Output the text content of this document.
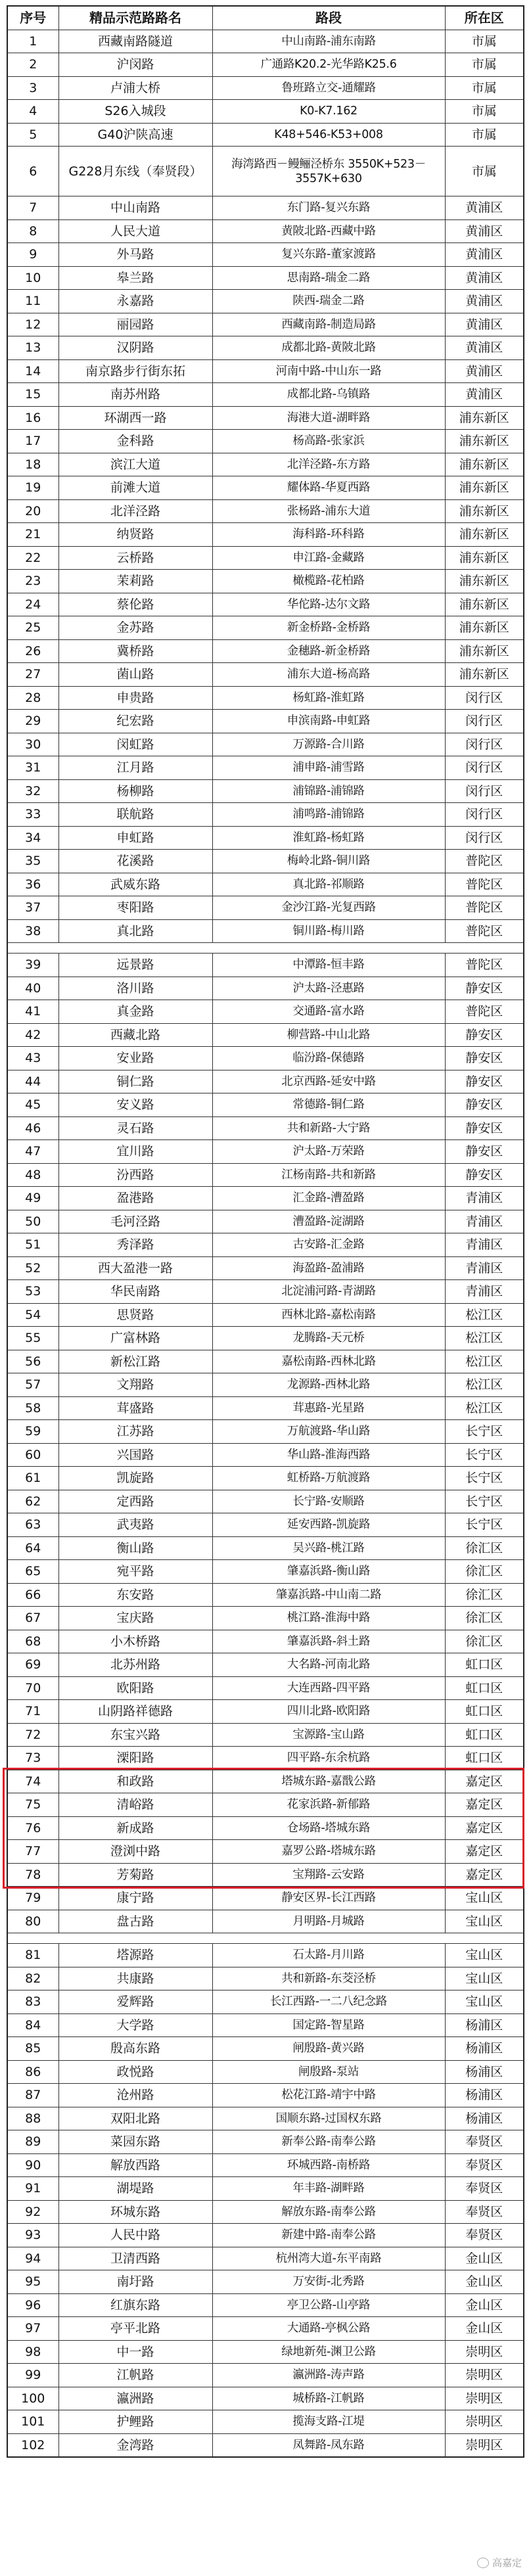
序号	精品示范路路名	路段	所在区
1	西藏南路隧道	中山南路-浦东南路	市属
2	沪闵路	广通路K20.2-光华路K25.6	市属
3	卢浦大桥	鲁班路立交-通耀路	市属
4	S26入城段	K0-K7.162	市属
5	G40沪陕高速	K48+546-K53+008	市属
6	G228月东线（奉贤段）	海湾路西－鳗鲡泾桥东 3550K+523－3557K+630	市属
7	中山南路	东门路-复兴东路	黄浦区
8	人民大道	黄陂北路-西藏中路	黄浦区
9	外马路	复兴东路-董家渡路	黄浦区
10	皋兰路	思南路-瑞金二路	黄浦区
11	永嘉路	陕西-瑞金二路	黄浦区
12	丽园路	西藏南路-制造局路	黄浦区
13	汉阴路	成都北路-黄陂北路	黄浦区
14	南京路步行街东拓	河南中路-中山东一路	黄浦区
15	南苏州路	成都北路-乌镇路	黄浦区
16	环湖西一路	海港大道-湖畔路	浦东新区
17	金科路	杨高路-张家浜	浦东新区
18	滨江大道	北洋泾路-东方路	浦东新区
19	前滩大道	耀体路-华夏西路	浦东新区
20	北洋泾路	张杨路-浦东大道	浦东新区
21	纳贤路	海科路-环科路	浦东新区
22	云桥路	申江路-金藏路	浦东新区
23	茉莉路	橄榄路-花柏路	浦东新区
24	蔡伦路	华佗路-达尔文路	浦东新区
25	金苏路	新金桥路-金桥路	浦东新区
26	冀桥路	金穗路-新金桥路	浦东新区
27	菌山路	浦东大道-杨高路	浦东新区
28	申贵路	杨虹路-淮虹路	闵行区
29	纪宏路	申滨南路-申虹路	闵行区
30	闵虹路	万源路-合川路	闵行区
31	江月路	浦申路-浦雪路	闵行区
32	杨柳路	浦锦路-浦锦路	闵行区
33	联航路	浦鸣路-浦锦路	闵行区
34	申虹路	淮虹路-杨虹路	闵行区
35	花溪路	梅岭北路-铜川路	普陀区
36	武威东路	真北路-祁顺路	普陀区
37	枣阳路	金沙江路-光复西路	普陀区
38	真北路	铜川路-梅川路	普陀区

39	远景路	中潭路-恒丰路	普陀区
40	洛川路	沪太路-泾惠路	静安区
41	真金路	交通路-富水路	普陀区
42	西藏北路	柳营路-中山北路	静安区
43	安业路	临汾路-保德路	静安区
44	铜仁路	北京西路-延安中路	静安区
45	安义路	常德路-铜仁路	静安区
46	灵石路	共和新路-大宁路	静安区
47	宜川路	沪太路-万荣路	静安区
48	汾西路	江杨南路-共和新路	静安区
49	盈港路	汇金路-漕盈路	青浦区
50	毛河泾路	漕盈路-淀湖路	青浦区
51	秀泽路	古安路-汇金路	青浦区
52	西大盈港一路	海盈路-盈浦路	青浦区
53	华民南路	北淀浦河路-青湖路	青浦区
54	思贤路	西林北路-嘉松南路	松江区
55	广富林路	龙腾路-天元桥	松江区
56	新松江路	嘉松南路-西林北路	松江区
57	文翔路	龙源路-西林北路	松江区
58	茸盛路	茸惠路-光星路	松江区
59	江苏路	万航渡路-华山路	长宁区
60	兴国路	华山路-淮海西路	长宁区
61	凯旋路	虹桥路-万航渡路	长宁区
62	定西路	长宁路-安顺路	长宁区
63	武夷路	延安西路-凯旋路	长宁区
64	衡山路	吴兴路-桃江路	徐汇区
65	宛平路	肇嘉浜路-衡山路	徐汇区
66	东安路	肇嘉浜路-中山南二路	徐汇区
67	宝庆路	桃江路-淮海中路	徐汇区
68	小木桥路	肇嘉浜路-斜土路	徐汇区
69	北苏州路	大名路-河南北路	虹口区
70	欧阳路	大连西路-四平路	虹口区
71	山阴路祥德路	四川北路-欧阳路	虹口区
72	东宝兴路	宝源路-宝山路	虹口区
73	溧阳路	四平路-东余杭路	虹口区
74	和政路	塔城东路-嘉戬公路	嘉定区
75	清峪路	花家浜路-新郁路	嘉定区
76	新成路	仓场路-塔城东路	嘉定区
77	澄浏中路	嘉罗公路-塔城东路	嘉定区
78	芳菊路	宝翔路-云安路	嘉定区
79	康宁路	静安区界-长江西路	宝山区
80	盘古路	月明路-月城路	宝山区

81	塔源路	石太路-月川路	宝山区
82	共康路	共和新路-东茭泾桥	宝山区
83	爱辉路	长江西路-一二八纪念路	宝山区
84	大学路	国定路-智星路	杨浦区
85	殷高东路	闸殷路-黄兴路	杨浦区
86	政悦路	闸殷路-泵站	杨浦区
87	沧州路	松花江路-靖宇中路	杨浦区
88	双阳北路	国顺东路-过国权东路	杨浦区
89	菜园东路	新奉公路-南奉公路	奉贤区
90	解放西路	环城西路-南桥路	奉贤区
91	湖堤路	年丰路-湖畔路	奉贤区
92	环城东路	解放东路-南奉公路	奉贤区
93	人民中路	新建中路-南奉公路	奉贤区
94	卫清西路	杭州湾大道-东平南路	金山区
95	南圩路	万安街-北秀路	金山区
96	红旗东路	亭卫公路-山亭路	金山区
97	亭平北路	大通路-亭枫公路	金山区
98	中一路	绿地新苑-渊卫公路	崇明区
99	江帆路	瀛洲路-涛声路	崇明区
100	瀛洲路	城桥路-江帆路	崇明区
101	护鲤路	揽海支路-江堤	崇明区
102	金湾路	凤舞路-凤东路	崇明区
高嘉定
